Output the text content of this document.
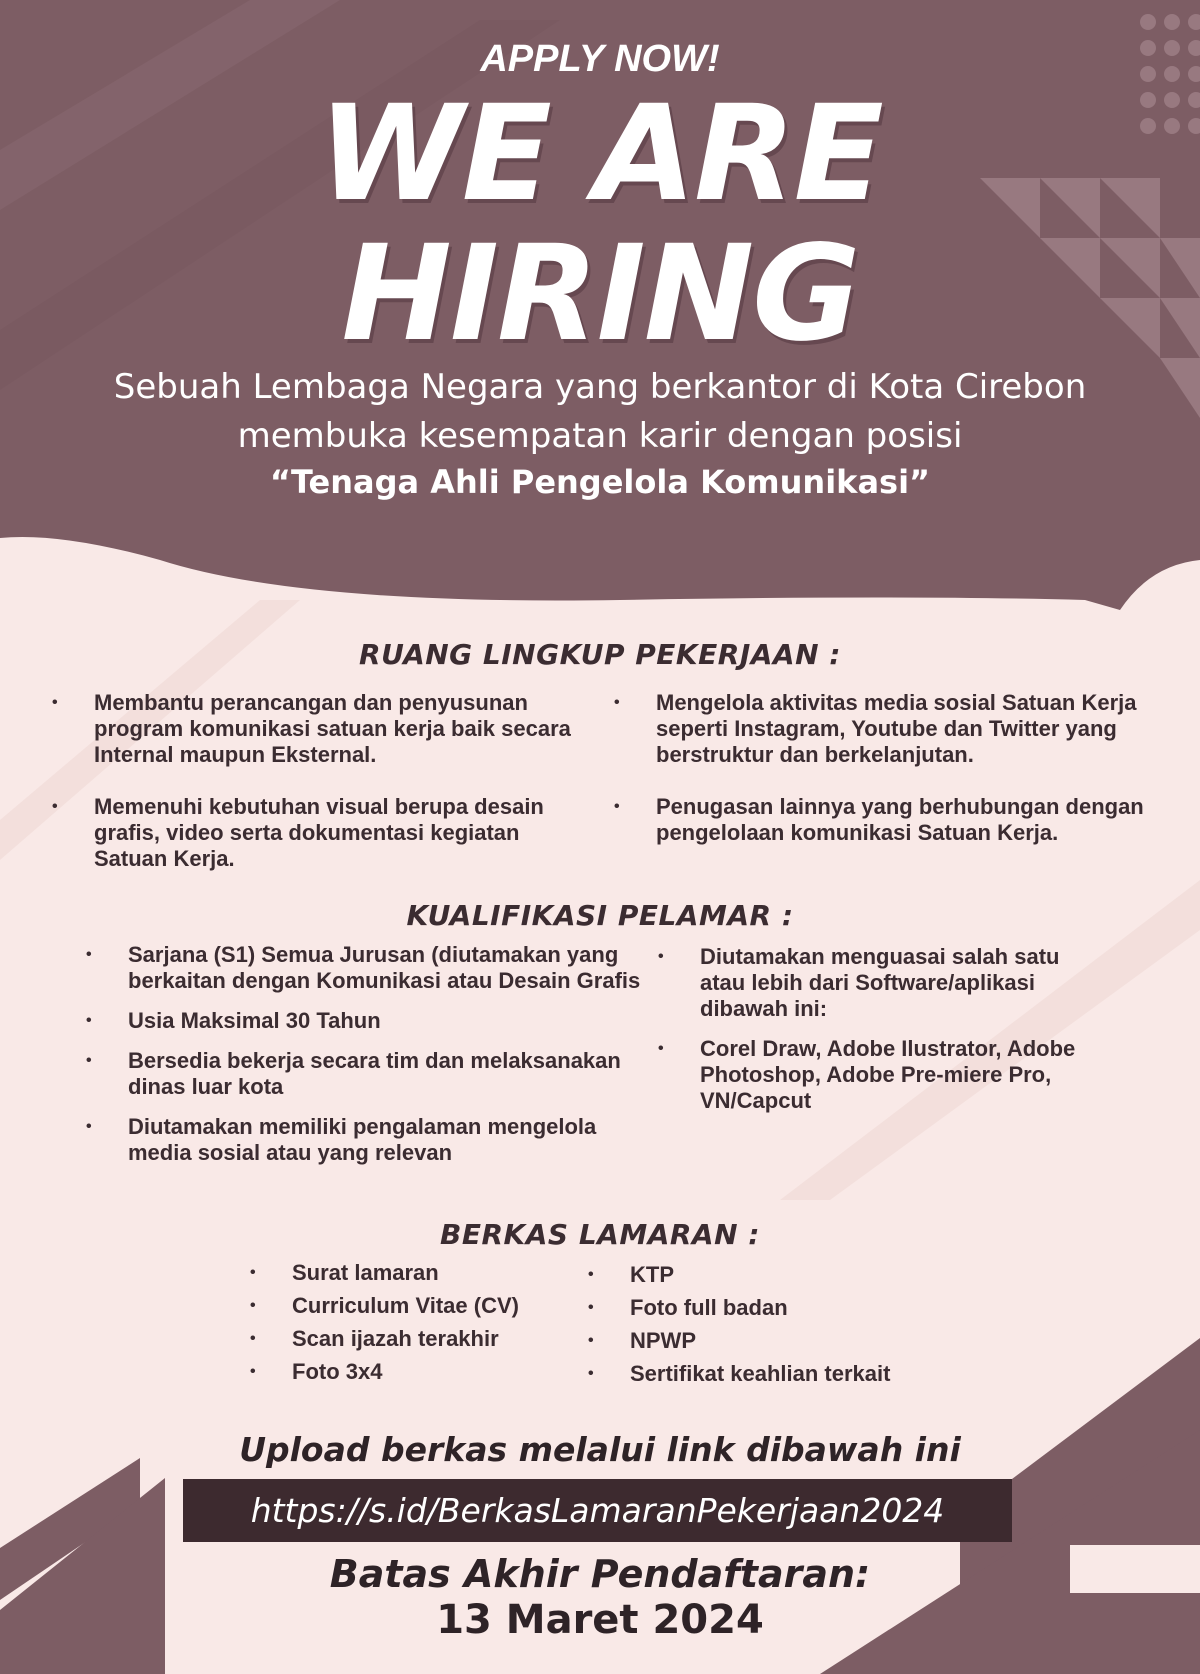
APPLY NOW!
WE ARE
HIRING
Sebuah Lembaga Negara yang berkantor di Kota Cirebon
membuka kesempatan karir dengan posisi
“Tenaga Ahli Pengelola Komunikasi”
RUANG LINGKUP PEKERJAAN :
• Membantu perancangan dan penyusunan program komunikasi satuan kerja baik secara Internal maupun Eksternal.
• Memenuhi kebutuhan visual berupa desain grafis, video serta dokumentasi kegiatan Satuan Kerja.
• Mengelola aktivitas media sosial Satuan Kerja seperti Instagram, Youtube dan Twitter yang berstruktur dan berkelanjutan.
• Penugasan lainnya yang berhubungan dengan pengelolaan komunikasi Satuan Kerja.
KUALIFIKASI PELAMAR :
• Sarjana (S1) Semua Jurusan (diutamakan yang berkaitan dengan Komunikasi atau Desain Grafis
• Usia Maksimal 30 Tahun
• Bersedia bekerja secara tim dan melaksanakan dinas luar kota
• Diutamakan memiliki pengalaman mengelola media sosial atau yang relevan
• Diutamakan menguasai salah satu atau lebih dari Software/aplikasi dibawah ini:
• Corel Draw, Adobe Ilustrator, Adobe Photoshop, Adobe Pre-miere Pro, VN/Capcut
BERKAS LAMARAN :
• Surat lamaran
• Curriculum Vitae (CV)
• Scan ijazah terakhir
• Foto 3x4
• KTP
• Foto full badan
• NPWP
• Sertifikat keahlian terkait
Upload berkas melalui link dibawah ini
https://s.id/BerkasLamaranPekerjaan2024
Batas Akhir Pendaftaran:
13 Maret 2024
